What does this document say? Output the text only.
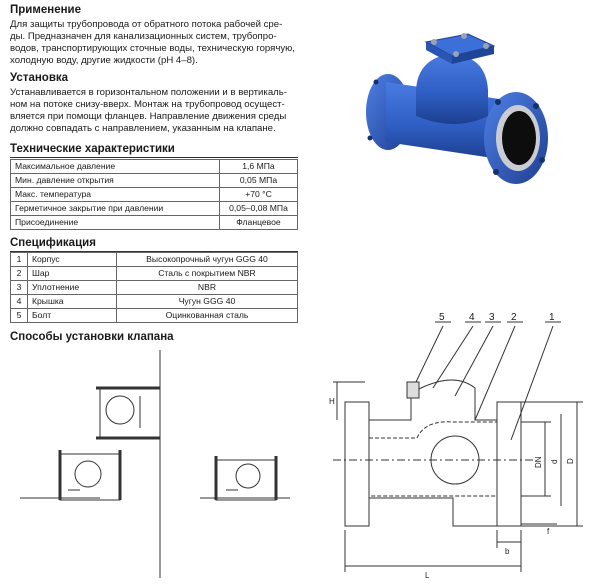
Применение

Для защиты трубопровода от обратного потока рабочей сре-

ды. Предназначен для канализационных систем, трубопро-

водов, транспортирующих сточные воды, техническую горячую,

холодную воду, другие жидкости (pH 4–8).

Установка

Устанавливается в горизонтальном положении и в вертикаль-

ном на потоке снизу-вверх. Монтаж на трубопровод осущест-

вляется при помощи фланцев. Направление движения среды

должно совпадать с направлением, указанным на клапане.

Технические характеристики
Максимальное давление	1,6 МПа
Мин. давление открытия	0,05 МПа
Макс. температура	+70 °С
Герметичное закрытие при давлении	0,05–0,08 МПа
Присоединение	Фланцевое
Спецификация
1	Корпус	Высокопрочный чугун GGG 40
2	Шар	Сталь с покрытием NBR
3	Уплотнение	NBR
4	Крышка	Чугун GGG 40
5	Болт	Оцинкованная сталь
Способы установки клапана
5 4 3 2	1
H
L
b
f
DN d D
